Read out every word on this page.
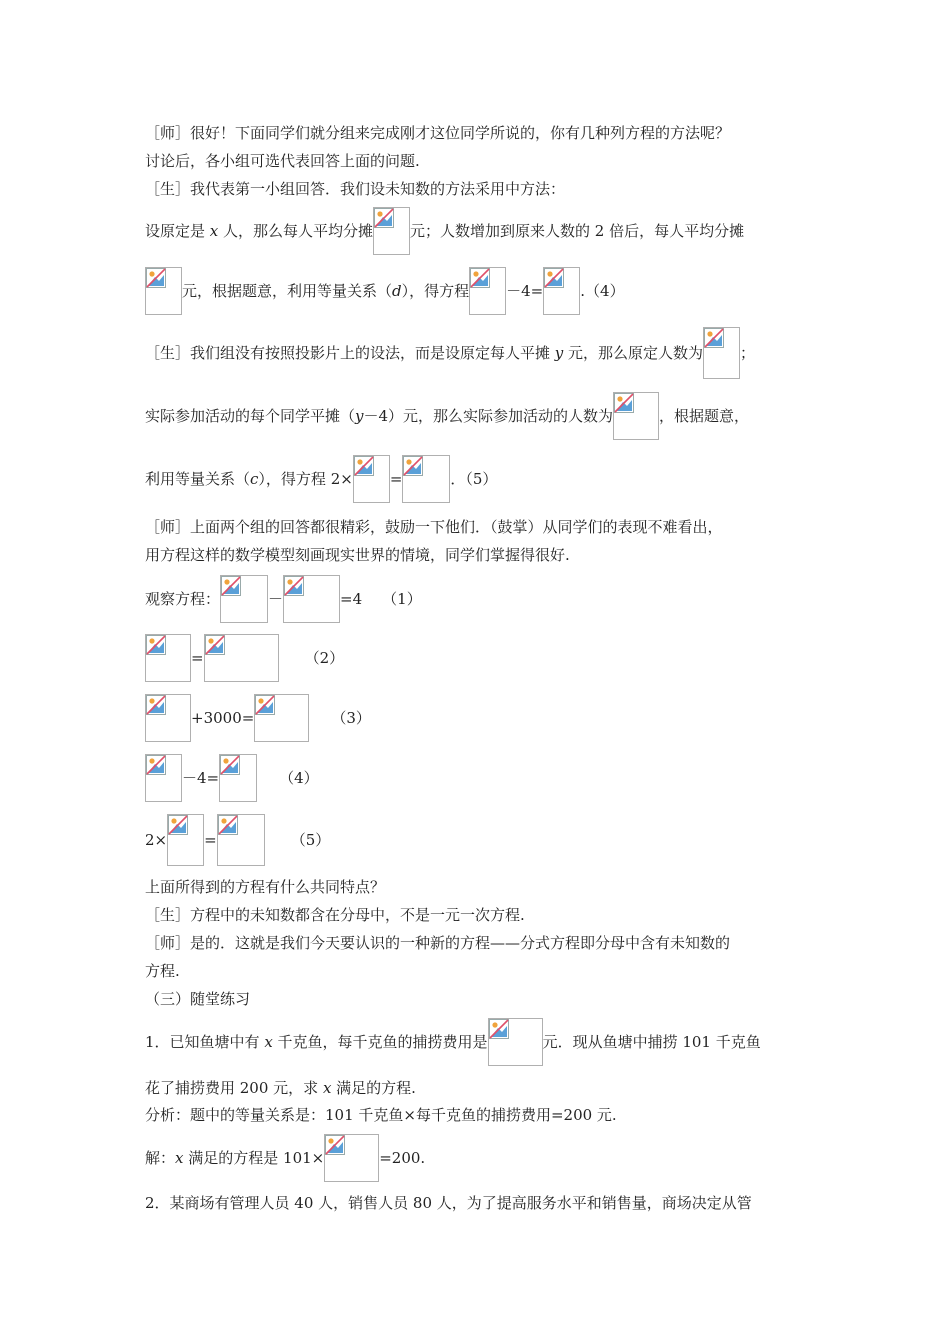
［师］很好！下面同学们就分组来完成刚才这位同学所说的，你有几种列方程的方法呢？
讨论后，各小组可选代表回答上面的问题.
［生］我代表第一小组回答．我们设未知数的方法采用中方法：
设原定是 x 人，那么每人平均分摊 元；人数增加到原来人数的 2 倍后，每人平均分摊
元，根据题意，利用等量关系（d），得方程 －4= .（4）
［生］我们组没有按照投影片上的设法，而是设原定每人平摊 y 元，那么原定人数为 ；
实际参加活动的每个同学平摊（y－4）元，那么实际参加活动的人数为	，根据题意，
利用等量关系（c），得方程 2× =	．（5）
［师］上面两个组的回答都很精彩，鼓励一下他们．（鼓掌）从同学们的表现不难看出，
用方程这样的数学模型刻画现实世界的情境，同学们掌握得很好.
观察方程：	－	=4 （1）
=	（2）
+3000=	（3）
－4=	（4）
2× =	（5）
上面所得到的方程有什么共同特点？
［生］方程中的未知数都含在分母中，不是一元一次方程.
［师］是的．这就是我们今天要认识的一种新的方程——分式方程即分母中含有未知数的
方程.
（三）随堂练习
1．已知鱼塘中有 x 千克鱼，每千克鱼的捕捞费用是	元．现从鱼塘中捕捞 101 千克鱼
花了捕捞费用 200 元，求 x 满足的方程.
分析：题中的等量关系是：101 千克鱼×每千克鱼的捕捞费用=200 元.
解：x 满足的方程是 101×	=200.
2．某商场有管理人员 40 人，销售人员 80 人，为了提高服务水平和销售量，商场决定从管
